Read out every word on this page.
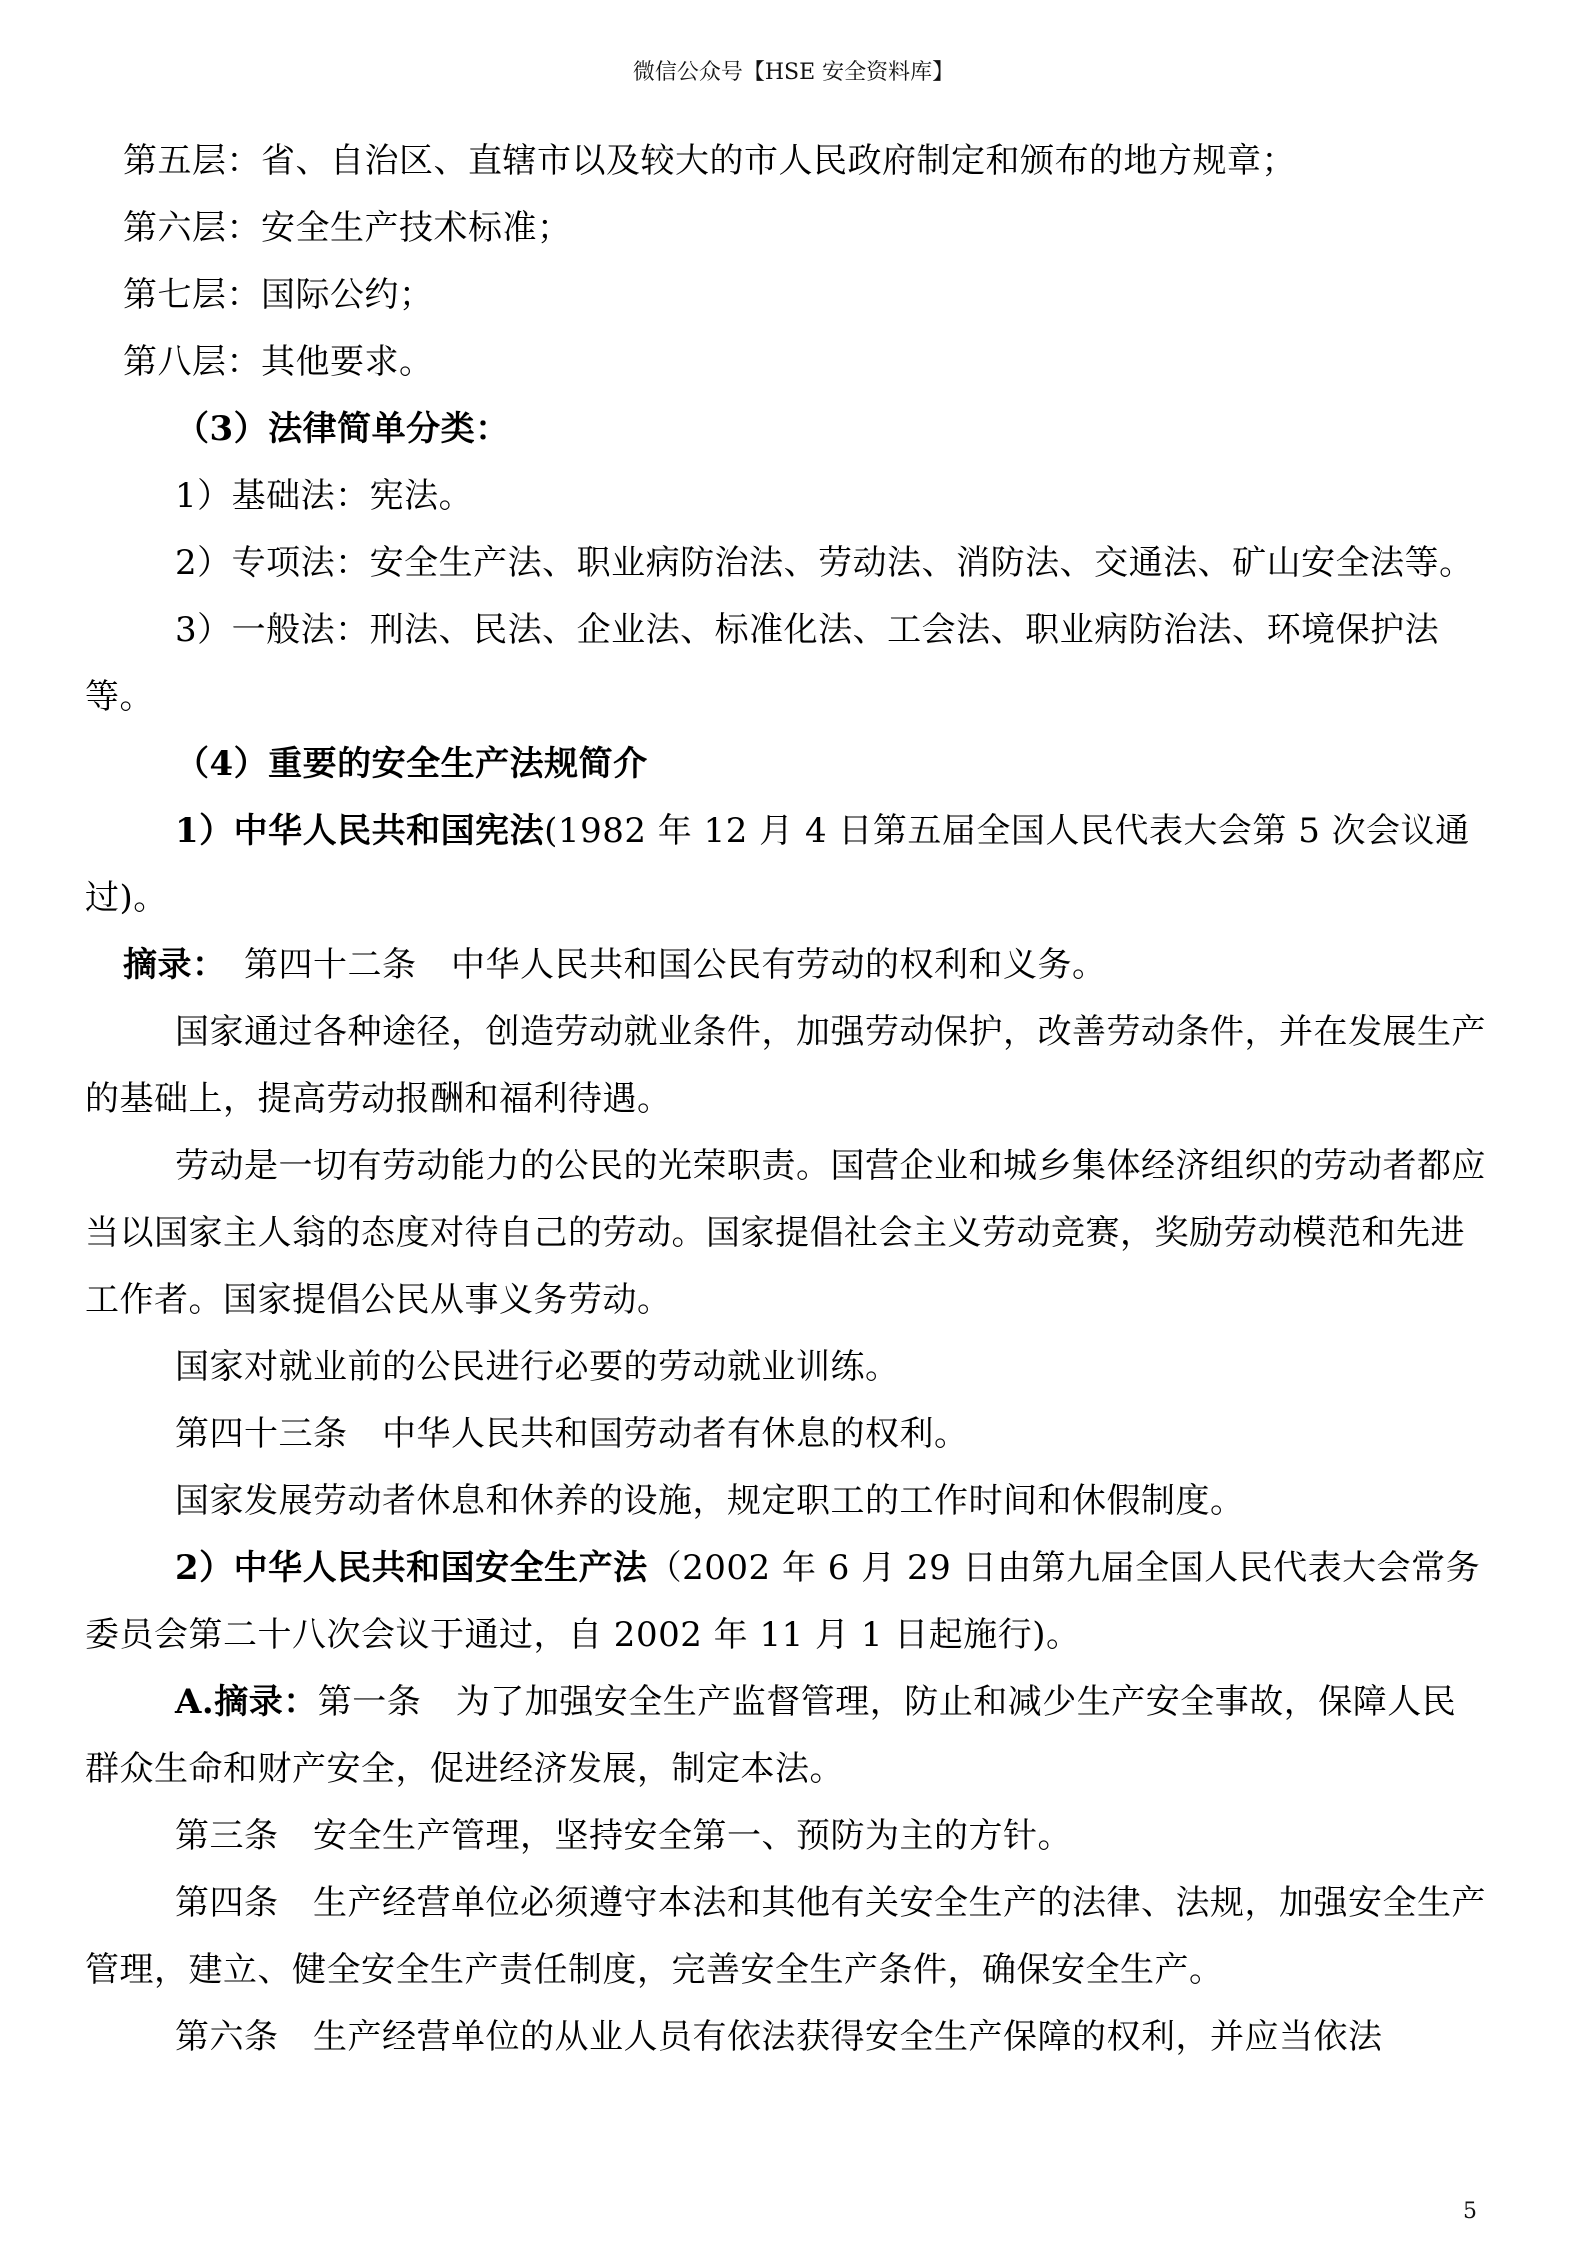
微信公众号【HSE 安全资料库】

第五层：省、自治区、直辖市以及较大的市人民政府制定和颁布的地方规章；

第六层：安全生产技术标准；

第七层：国际公约；

第八层：其他要求。

（3）法律简单分类：

1）基础法：宪法。

2）专项法：安全生产法、职业病防治法、劳动法、消防法、交通法、矿山安全法等。

3）一般法：刑法、民法、企业法、标准化法、工会法、职业病防治法、环境保护法等。

（4）重要的安全生产法规简介

1）中华人民共和国宪法(1982 年 12 月 4 日第五届全国人民代表大会第 5 次会议通过)。

摘录：　第四十二条　中华人民共和国公民有劳动的权利和义务。

国家通过各种途径，创造劳动就业条件，加强劳动保护，改善劳动条件，并在发展生产的基础上，提高劳动报酬和福利待遇。

劳动是一切有劳动能力的公民的光荣职责。国营企业和城乡集体经济组织的劳动者都应当以国家主人翁的态度对待自己的劳动。国家提倡社会主义劳动竞赛，奖励劳动模范和先进工作者。国家提倡公民从事义务劳动。

国家对就业前的公民进行必要的劳动就业训练。

第四十三条　中华人民共和国劳动者有休息的权利。

国家发展劳动者休息和休养的设施，规定职工的工作时间和休假制度。

2）中华人民共和国安全生产法（2002 年 6 月 29 日由第九届全国人民代表大会常务委员会第二十八次会议于通过，自 2002 年 11 月 1 日起施行)。

A.摘录：第一条　为了加强安全生产监督管理，防止和减少生产安全事故，保障人民群众生命和财产安全，促进经济发展，制定本法。

第三条　安全生产管理，坚持安全第一、预防为主的方针。

第四条　生产经营单位必须遵守本法和其他有关安全生产的法律、法规，加强安全生产管理，建立、健全安全生产责任制度，完善安全生产条件，确保安全生产。

第六条　生产经营单位的从业人员有依法获得安全生产保障的权利，并应当依法

5
